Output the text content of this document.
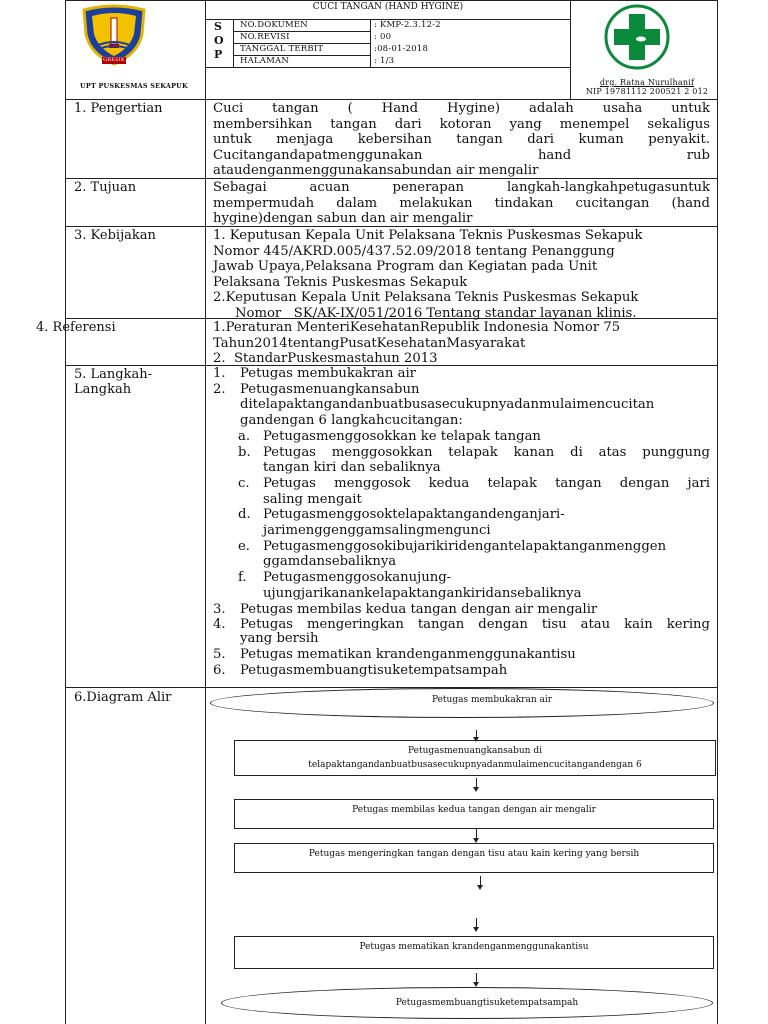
GRESIK
UPT PUSKESMAS SEKAPUK
CUCI TANGAN (HAND HYGINE)
S
O
P
NO.DOKUMEN	: KMP-2.3.12-2
NO.REVISI	: 00
TANGGAL TERBIT	:08-01-2018
HALAMAN	: 1/3
drg. Ratna Nurulhanif
NIP 19781112 200521 2 012
1. Pengertian	Cuci tangan ( Hand Hygine) adalah usaha untuk
membersihkan tangan dari kotoran yang menempel sekaligus
untuk menjaga kebersihan tangan dari kuman penyakit.
Cucitangandapatmenggunakan	hand	rub
ataudenganmenggunakansabundan air mengalir
2. Tujuan	Sebagai acuan penerapan langkah-langkahpetugasuntuk
mempermudah dalam melakukan tindakan cucitangan (hand
hygine)dengan sabun dan air mengalir
3. Kebijakan	1. Keputusan Kepala Unit Pelaksana Teknis Puskesmas Sekapuk
Nomor 445/AKRD.005/437.52.09/2018 tentang Penanggung
Jawab Upaya,Pelaksana Program dan Kegiatan pada Unit
Pelaksana Teknis Puskesmas Sekapuk
2.Keputusan Kepala Unit Pelaksana Teknis Puskesmas Sekapuk
Nomor   SK/AK-IX/051/2016 Tentang standar layanan klinis.
4. Referensi	1.Peraturan MenteriKesehatanRepublik Indonesia Nomor 75
Tahun2014tentangPusatKesehatanMasyarakat
2.  StandarPuskesmastahun 2013
5. Langkah-
Langkah
1. Petugas membukakran air
2. Petugasmenuangkansabun
ditelapaktangandanbuatbusasecukupnyadanmulaimencucitan
gandengan 6 langkahcucitangan:
a. Petugasmenggosokkan ke telapak tangan
b. Petugas menggosokkan telapak kanan di atas punggung
tangan kiri dan sebaliknya
c. Petugas menggosok kedua telapak tangan dengan jari
saling mengait
d. Petugasmenggosoktelapaktangandenganjari-
jarimenggenggamsalingmengunci
e. Petugasmenggosokibujarikiridengantelapaktanganmenggen
ggamdansebaliknya
f. Petugasmenggosokanujung-
ujungjarikanankelapaktangankiridansebaliknya
3. Petugas membilas kedua tangan dengan air mengalir
4. Petugas mengeringkan tangan dengan tisu atau kain kering
yang bersih
5. Petugas mematikan krandenganmenggunakantisu
6. Petugasmembuangtisuketempatsampah
6.Diagram Alir	Petugas membukakran air
Petugasmenuangkansabun di
telapaktangandanbuatbusasecukupnyadanmulaimencucitangandengan 6
Petugas membilas kedua tangan dengan air mengalir
Petugas mengeringkan tangan dengan tisu atau kain kering yang bersih
Petugas mematikan krandenganmenggunakantisu
Petugasmembuangtisuketempatsampah
